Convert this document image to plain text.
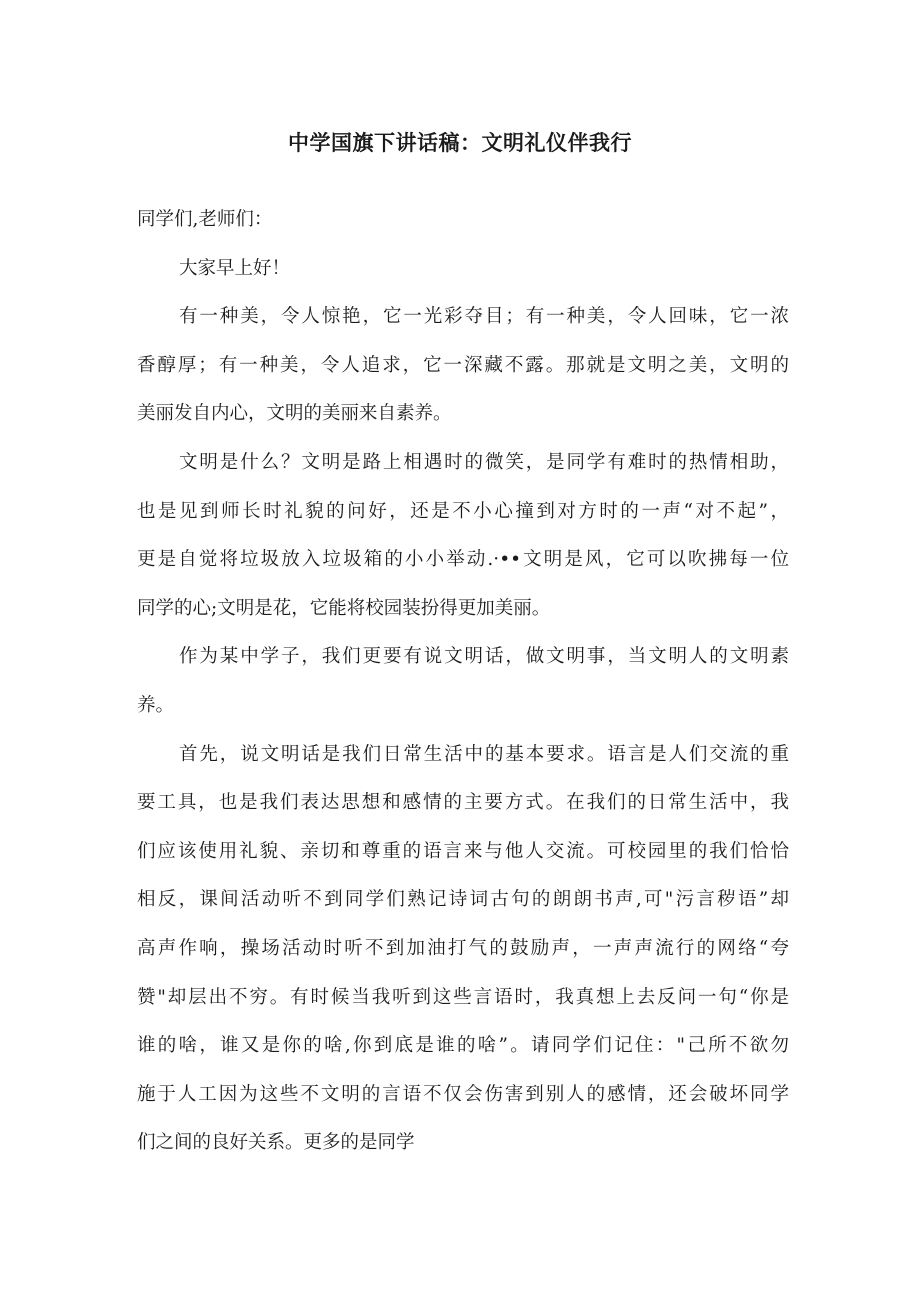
中学国旗下讲话稿：文明礼仪伴我行
同学们,老师们：
大家早上好！
有一种美，令人惊艳，它一光彩夺目；有一种美，令人回味，它一浓
香醇厚；有一种美，令人追求，它一深藏不露。那就是文明之美，文明的
美丽发自内心，文明的美丽来自素养。
文明是什么？文明是路上相遇时的微笑，是同学有难时的热情相助，
也是见到师长时礼貌的问好，还是不小心撞到对方时的一声“对不起”，
更是自觉将垃圾放入垃圾箱的小小举动.·••文明是风，它可以吹拂每一位
同学的心;文明是花，它能将校园装扮得更加美丽。
作为某中学子，我们更要有说文明话，做文明事，当文明人的文明素
养。
首先，说文明话是我们日常生活中的基本要求。语言是人们交流的重
要工具，也是我们表达思想和感情的主要方式。在我们的日常生活中，我
们应该使用礼貌、亲切和尊重的语言来与他人交流。可校园里的我们恰恰
相反，课间活动听不到同学们熟记诗词古句的朗朗书声,可"污言秽语”却
高声作响，操场活动时听不到加油打气的鼓励声，一声声流行的网络“夸
赞"却层出不穷。有时候当我听到这些言语时，我真想上去反问一句“你是
谁的啥，谁又是你的啥,你到底是谁的啥”。请同学们记住："己所不欲勿
施于人工因为这些不文明的言语不仅会伤害到别人的感情，还会破坏同学
们之间的良好关系。更多的是同学
